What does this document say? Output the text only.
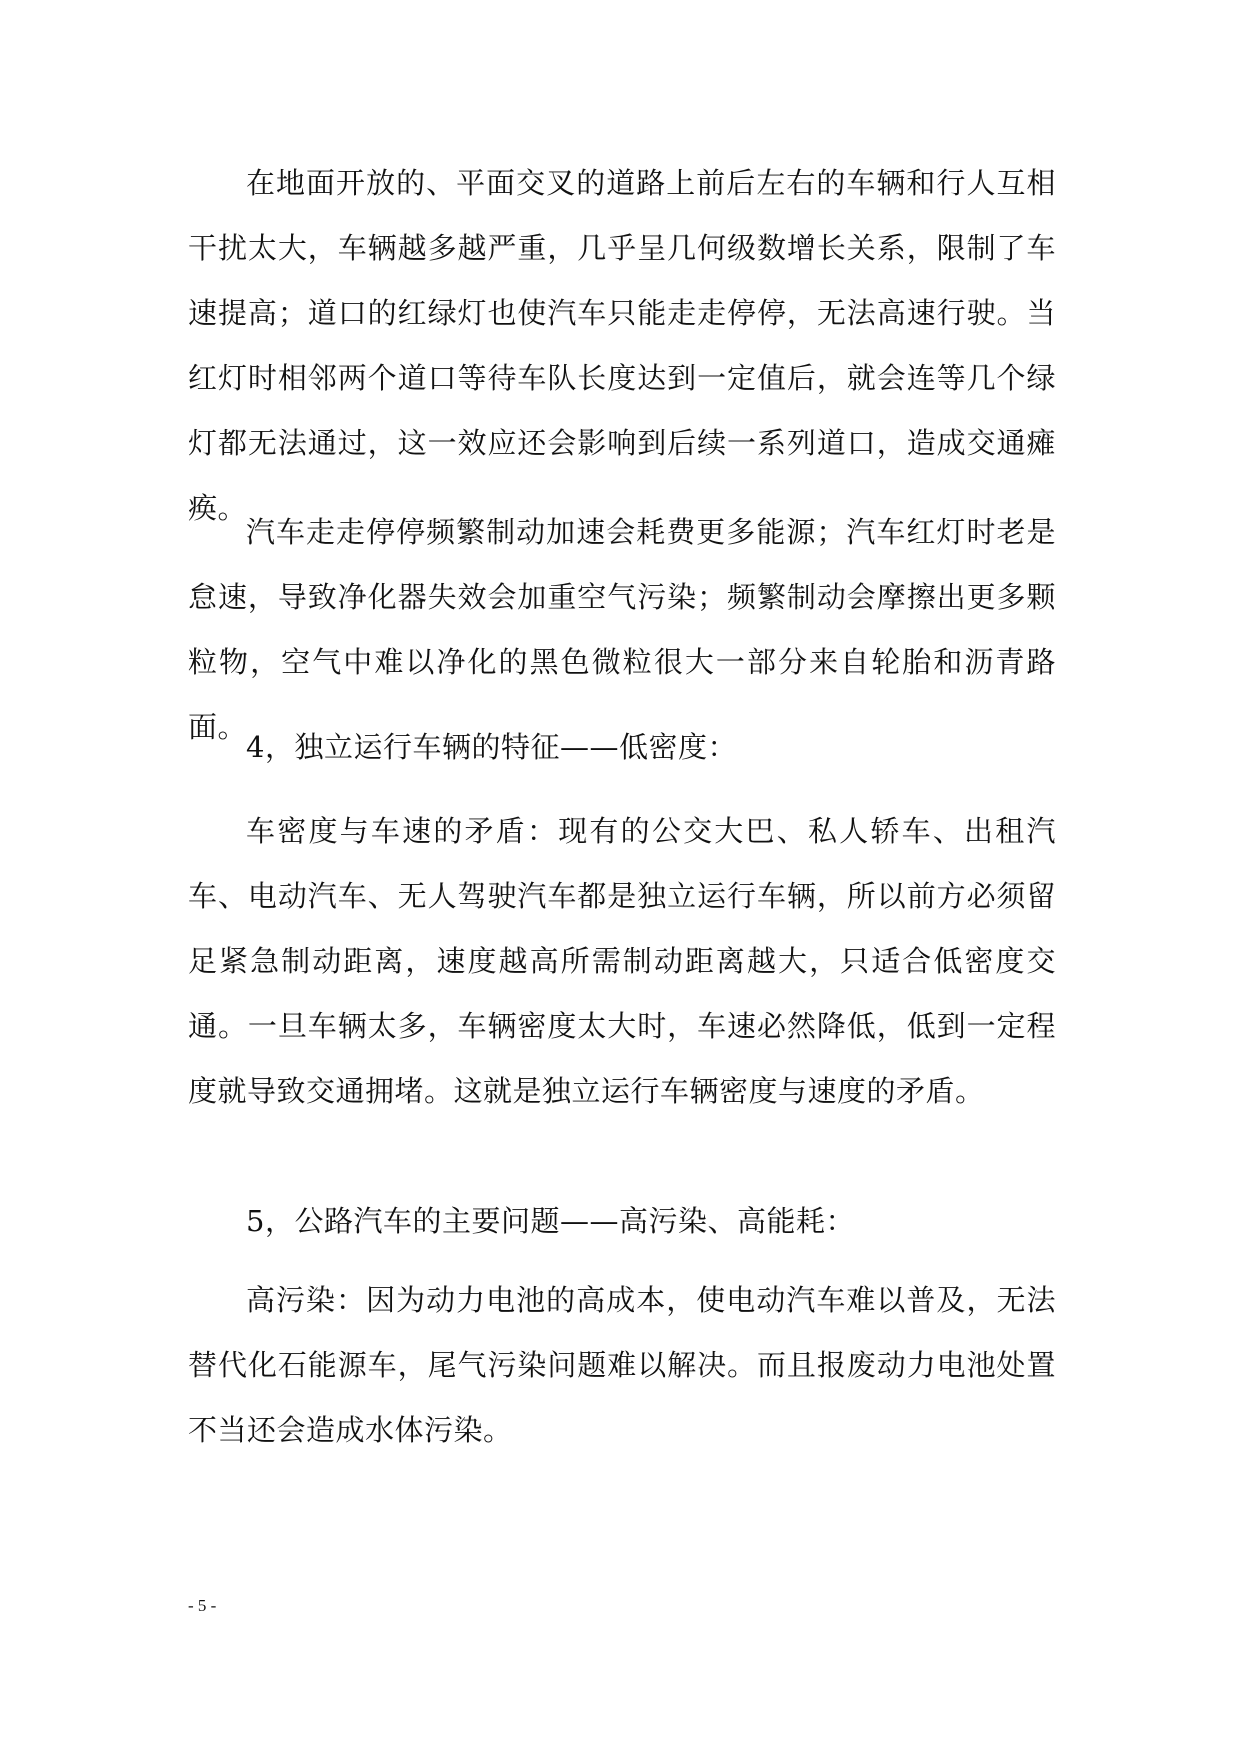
在地面开放的、平面交叉的道路上前后左右的车辆和行人互相干扰太大，车辆越多越严重，几乎呈几何级数增长关系，限制了车速提高；道口的红绿灯也使汽车只能走走停停，无法高速行驶。当红灯时相邻两个道口等待车队长度达到一定值后，就会连等几个绿灯都无法通过，这一效应还会影响到后续一系列道口，造成交通瘫痪。

汽车走走停停频繁制动加速会耗费更多能源；汽车红灯时老是怠速，导致净化器失效会加重空气污染；频繁制动会摩擦出更多颗粒物，空气中难以净化的黑色微粒很大一部分来自轮胎和沥青路面。

4，独立运行车辆的特征——低密度：

车密度与车速的矛盾：现有的公交大巴、私人轿车、出租汽车、电动汽车、无人驾驶汽车都是独立运行车辆，所以前方必须留足紧急制动距离，速度越高所需制动距离越大，只适合低密度交通。一旦车辆太多，车辆密度太大时，车速必然降低，低到一定程度就导致交通拥堵。这就是独立运行车辆密度与速度的矛盾。

5，公路汽车的主要问题——高污染、高能耗：

高污染：因为动力电池的高成本，使电动汽车难以普及，无法替代化石能源车，尾气污染问题难以解决。而且报废动力电池处置不当还会造成水体污染。

- 5 -
